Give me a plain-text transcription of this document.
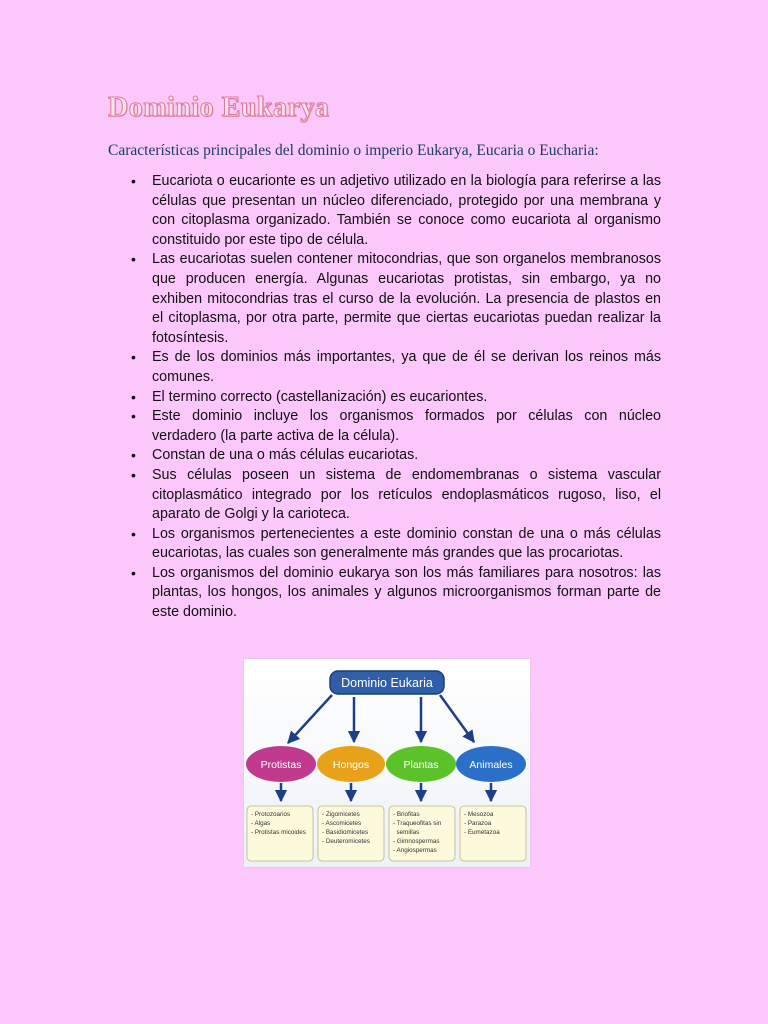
Dominio Eukarya

Características principales del dominio o imperio Eukarya, Eucaria o Eucharia:

• Eucariota o eucarionte es un adjetivo utilizado en la biología para referirse a las células que presentan un núcleo diferenciado, protegido por una membrana y con citoplasma organizado. También se conoce como eucariota al organismo constituido por este tipo de célula.
• Las eucariotas suelen contener mitocondrias, que son organelos membranosos que producen energía. Algunas eucariotas protistas, sin embargo, ya no exhiben mitocondrias tras el curso de la evolución. La presencia de plastos en el citoplasma, por otra parte, permite que ciertas eucariotas puedan realizar la fotosíntesis.
• Es de los dominios más importantes, ya que de él se derivan los reinos más comunes.
• El termino correcto (castellanización) es eucariontes.
• Este dominio incluye los organismos formados por células con núcleo verdadero (la parte activa de la célula).
• Constan de una o más células eucariotas.
• Sus células poseen un sistema de endomembranas o sistema vascular citoplasmático integrado por los retículos endoplasmáticos rugoso, liso, el aparato de Golgi y la carioteca.
• Los organismos pertenecientes a este dominio constan de una o más células eucariotas, las cuales son generalmente más grandes que las procariotas.
• Los organismos del dominio eukarya son los más familiares para nosotros: las plantas, los hongos, los animales y algunos microorganismos forman parte de este dominio.
Dominio Eukaria
Protistas	Hongos	Plantas	Animales
- Protozoarios
- Algas
- Protistas micoides
- Zigomicetes
- Ascomicetes
- Basidiomicetes
- Deuteromicetes
- Briofitas
- Traqueofitas sin
semillas
- Gimnospermas
- Angiospermas
- Mesozoa
- Parazoa
- Eumetazoa
